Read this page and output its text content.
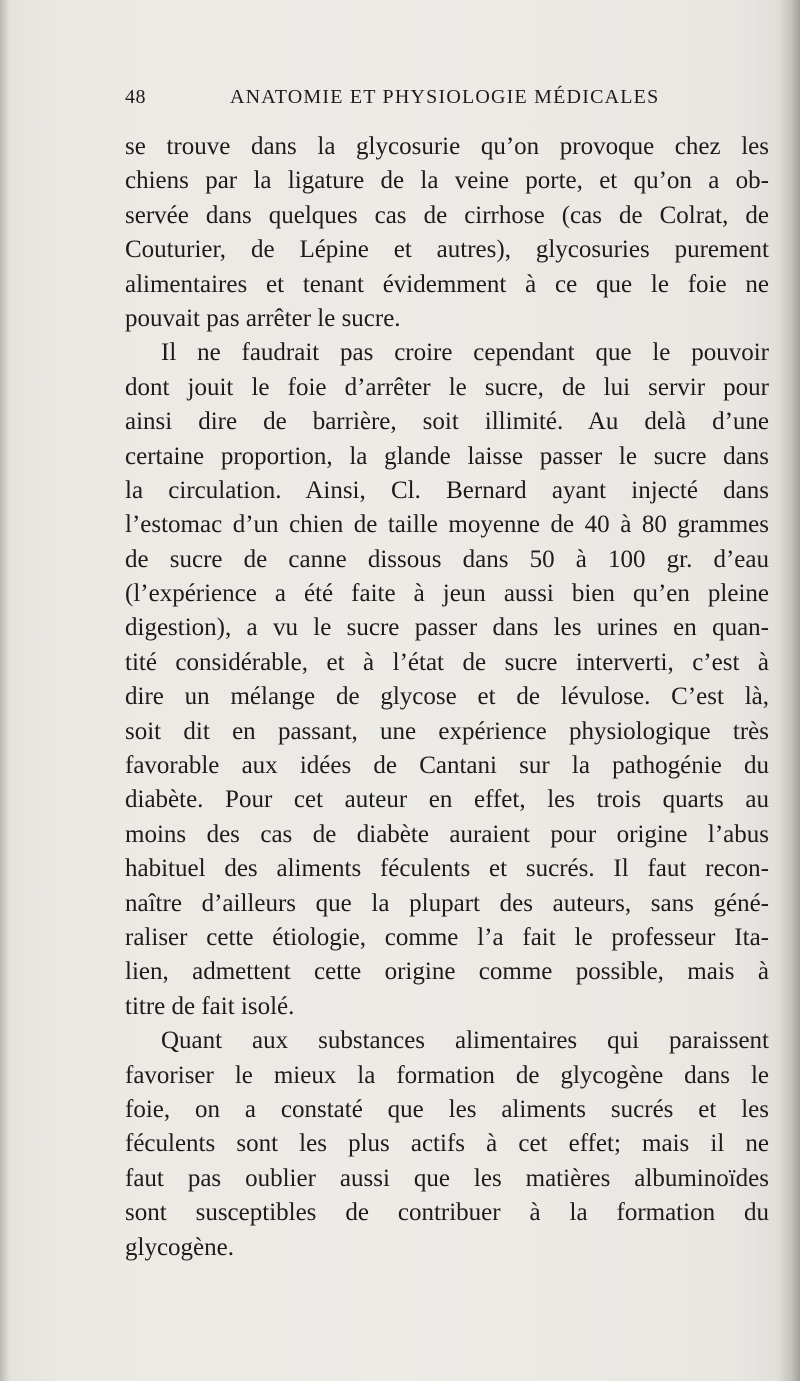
48	ANATOMIE ET PHYSIOLOGIE MÉDICALES
se trouve dans la glycosurie qu’on provoque chez les
chiens par la ligature de la veine porte, et qu’on a ob-
servée dans quelques cas de cirrhose (cas de Colrat, de
Couturier, de Lépine et autres), glycosuries purement
alimentaires et tenant évidemment à ce que le foie ne
pouvait pas arrêter le sucre.
Il ne faudrait pas croire cependant que le pouvoir
dont jouit le foie d’arrêter le sucre, de lui servir pour
ainsi dire de barrière, soit illimité. Au delà d’une
certaine proportion, la glande laisse passer le sucre dans
la circulation. Ainsi, Cl. Bernard ayant injecté dans
l’estomac d’un chien de taille moyenne de 40 à 80 grammes
de sucre de canne dissous dans 50 à 100 gr. d’eau
(l’expérience a été faite à jeun aussi bien qu’en pleine
digestion), a vu le sucre passer dans les urines en quan-
tité considérable, et à l’état de sucre interverti, c’est à
dire un mélange de glycose et de lévulose. C’est là,
soit dit en passant, une expérience physiologique très
favorable aux idées de Cantani sur la pathogénie du
diabète. Pour cet auteur en effet, les trois quarts au
moins des cas de diabète auraient pour origine l’abus
habituel des aliments féculents et sucrés. Il faut recon-
naître d’ailleurs que la plupart des auteurs, sans géné-
raliser cette étiologie, comme l’a fait le professeur Ita-
lien, admettent cette origine comme possible, mais à
titre de fait isolé.
Quant aux substances alimentaires qui paraissent
favoriser le mieux la formation de glycogène dans le
foie, on a constaté que les aliments sucrés et les
féculents sont les plus actifs à cet effet; mais il ne
faut pas oublier aussi que les matières albuminoïdes
sont susceptibles de contribuer à la formation du
glycogène.
